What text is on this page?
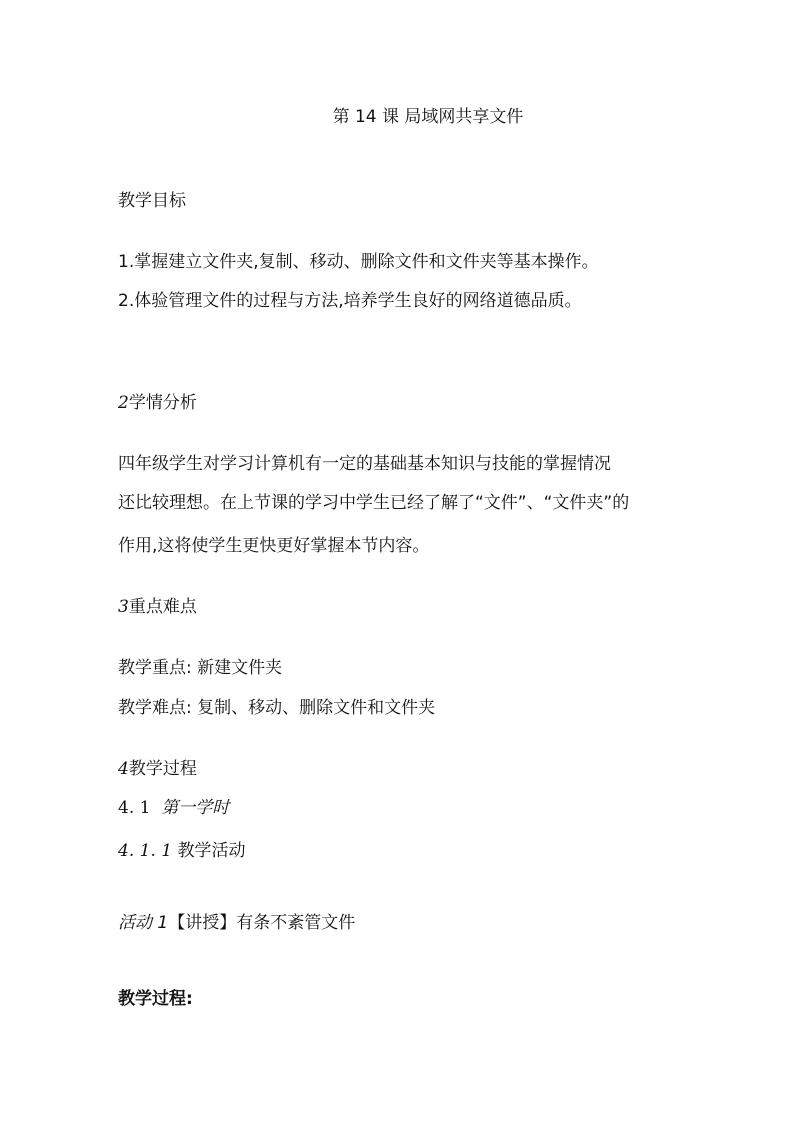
第 14 课 局域网共享文件
教学目标
1.掌握建立文件夹,复制、移动、删除文件和文件夹等基本操作。
2.体验管理文件的过程与方法,培养学生良好的网络道德品质。
2学情分析
四年级学生对学习计算机有一定的基础基本知识与技能的掌握情况
还比较理想。在上节课的学习中学生已经了解了“文件”、“文件夹”的
作用,这将使学生更快更好掌握本节内容。
3重点难点
教学重点: 新建文件夹
教学难点: 复制、移动、删除文件和文件夹
4教学过程
4. 1 第一学时
4. 1. 1 教学活动
活动 1【讲授】有条不紊管文件
教学过程:
